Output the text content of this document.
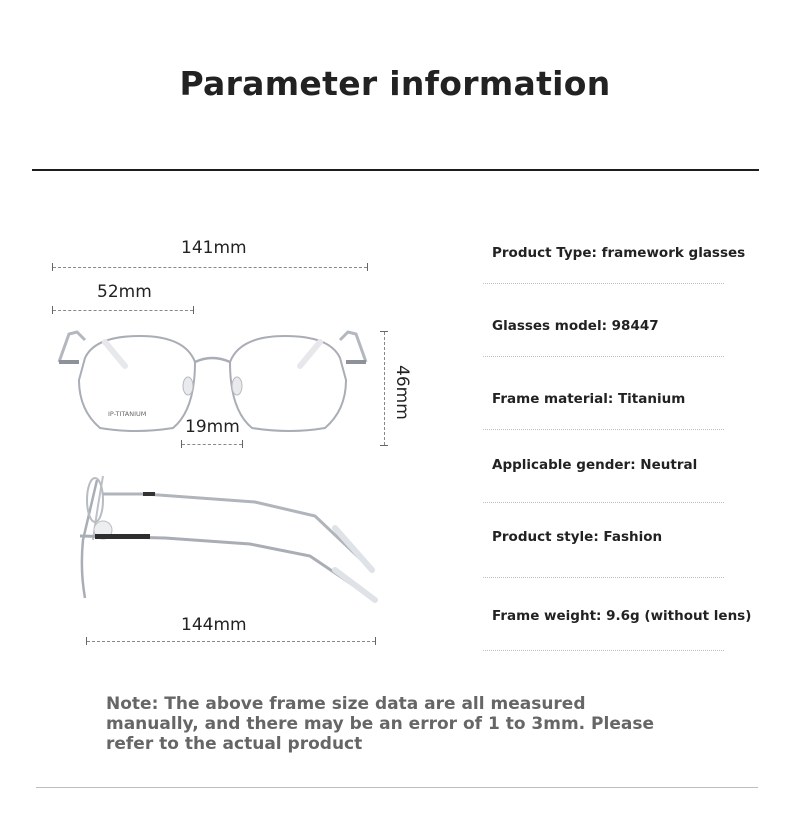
Parameter information
141mm
52mm
IP-TITANIUM
19mm
46mm
144mm
Product Type: framework glasses
Glasses model: 98447
Frame material: Titanium
Applicable gender: Neutral
Product style: Fashion
Frame weight: 9.6g (without lens)
Note: The above frame size data are all measured manually, and there may be an error of 1 to 3mm. Please refer to the actual product
